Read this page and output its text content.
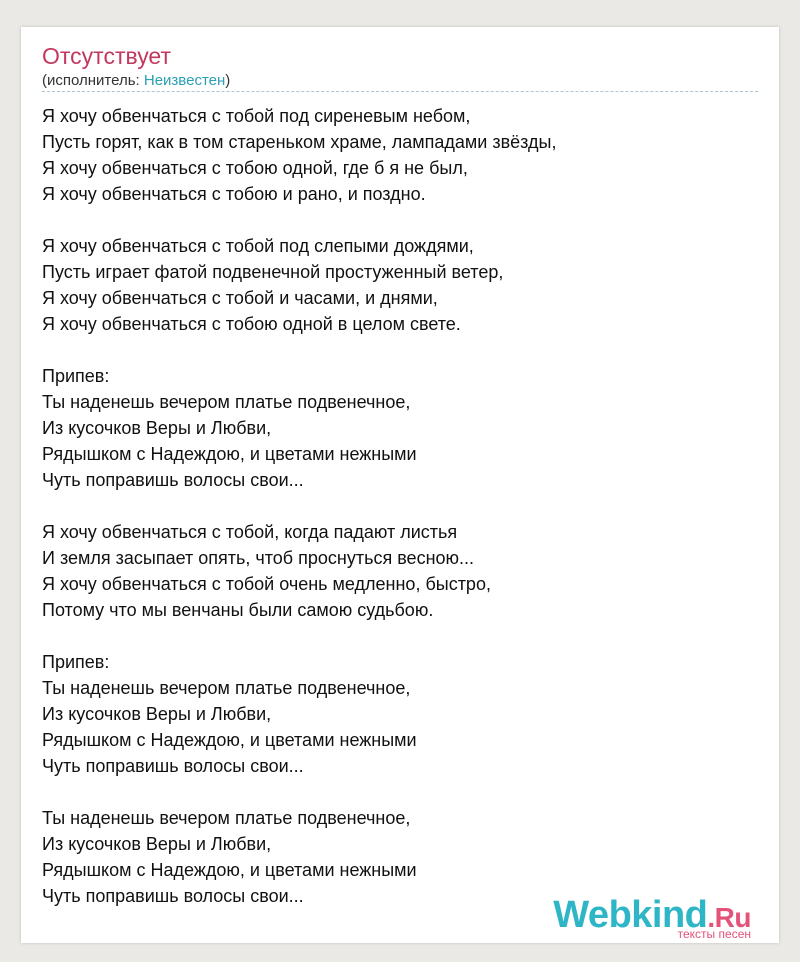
Отсутствует
(исполнитель: Неизвестен)
Я хочу обвенчаться с тобой под сиреневым небом,
Пусть горят, как в том стареньком храме, лампадами звёзды,
Я хочу обвенчаться с тобою одной, где б я не был,
Я хочу обвенчаться с тобою и рано, и поздно.
Я хочу обвенчаться с тобой под слепыми дождями,
Пусть играет фатой подвенечной простуженный ветер,
Я хочу обвенчаться с тобой и часами, и днями,
Я хочу обвенчаться с тобою одной в целом свете.
Припев:
Ты наденешь вечером платье подвенечное,
Из кусочков Веры и Любви,
Рядышком с Надеждою, и цветами нежными
Чуть поправишь волосы свои...
Я хочу обвенчаться с тобой, когда падают листья
И земля засыпает опять, чтоб проснуться весною...
Я хочу обвенчаться с тобой очень медленно, быстро,
Потому что мы венчаны были самою судьбою.
Припев:
Ты наденешь вечером платье подвенечное,
Из кусочков Веры и Любви,
Рядышком с Надеждою, и цветами нежными
Чуть поправишь волосы свои...
Ты наденешь вечером платье подвенечное,
Из кусочков Веры и Любви,
Рядышком с Надеждою, и цветами нежными
Чуть поправишь волосы свои...	Webkind.Ru
тексты песен
